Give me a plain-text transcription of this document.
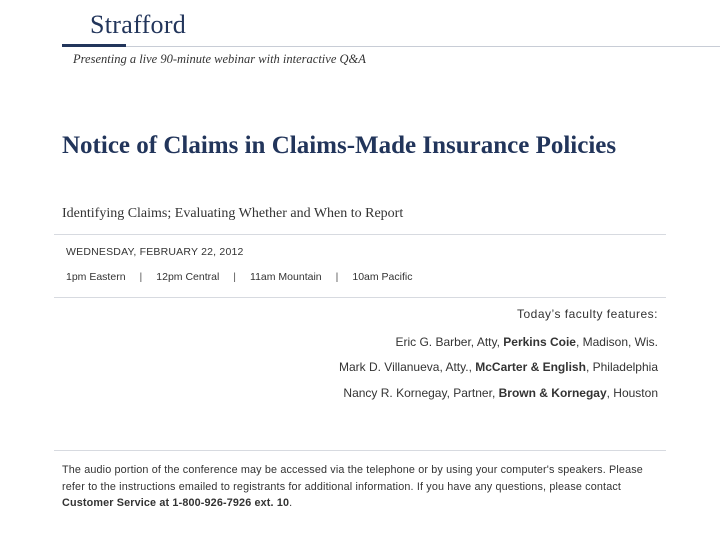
Strafford
Presenting a live 90-minute webinar with interactive Q&A
Notice of Claims in Claims-Made Insurance Policies
Identifying Claims; Evaluating Whether and When to Report
WEDNESDAY, FEBRUARY 22, 2012
1pm Eastern	|	12pm Central	|	11am Mountain	|	10am Pacific
Today’s faculty features:
Eric G. Barber, Atty, Perkins Coie, Madison, Wis.
Mark D. Villanueva, Atty., McCarter & English, Philadelphia
Nancy R. Kornegay, Partner, Brown & Kornegay, Houston
The audio portion of the conference may be accessed via the telephone or by using your computer's speakers. Please refer to the instructions emailed to registrants for additional information. If you have any questions, please contact Customer Service at 1-800-926-7926 ext. 10.
